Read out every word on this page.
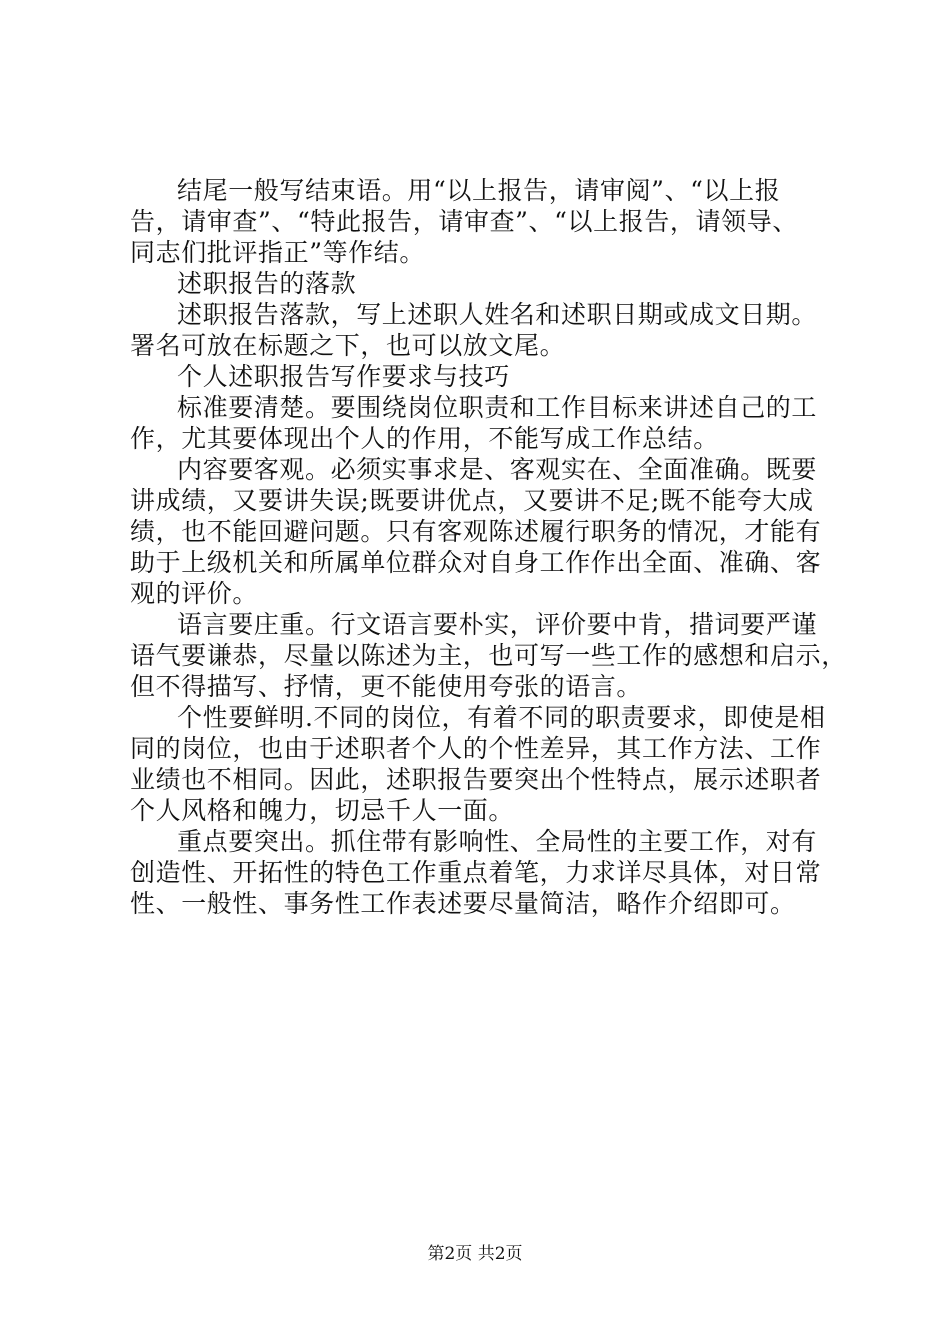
结尾一般写结束语。用“以上报告，请审阅”、“以上报
告，请审查”、“特此报告，请审查”、“以上报告，请领导、
同志们批评指正”等作结。
述职报告的落款
述职报告落款，写上述职人姓名和述职日期或成文日期。
署名可放在标题之下，也可以放文尾。
个人述职报告写作要求与技巧
标准要清楚。要围绕岗位职责和工作目标来讲述自己的工
作，尤其要体现出个人的作用，不能写成工作总结。
内容要客观。必须实事求是、客观实在、全面准确。既要
讲成绩，又要讲失误;既要讲优点，又要讲不足;既不能夸大成
绩，也不能回避问题。只有客观陈述履行职务的情况，才能有
助于上级机关和所属单位群众对自身工作作出全面、准确、客
观的评价。
语言要庄重。行文语言要朴实，评价要中肯，措词要严谨
语气要谦恭，尽量以陈述为主，也可写一些工作的感想和启示，
但不得描写、抒情，更不能使用夸张的语言。
个性要鲜明.不同的岗位，有着不同的职责要求，即使是相
同的岗位，也由于述职者个人的个性差异，其工作方法、工作
业绩也不相同。因此，述职报告要突出个性特点，展示述职者
个人风格和魄力，切忌千人一面。
重点要突出。抓住带有影响性、全局性的主要工作，对有
创造性、开拓性的特色工作重点着笔，力求详尽具体，对日常
性、一般性、事务性工作表述要尽量简洁，略作介绍即可。
第2页 共2页
